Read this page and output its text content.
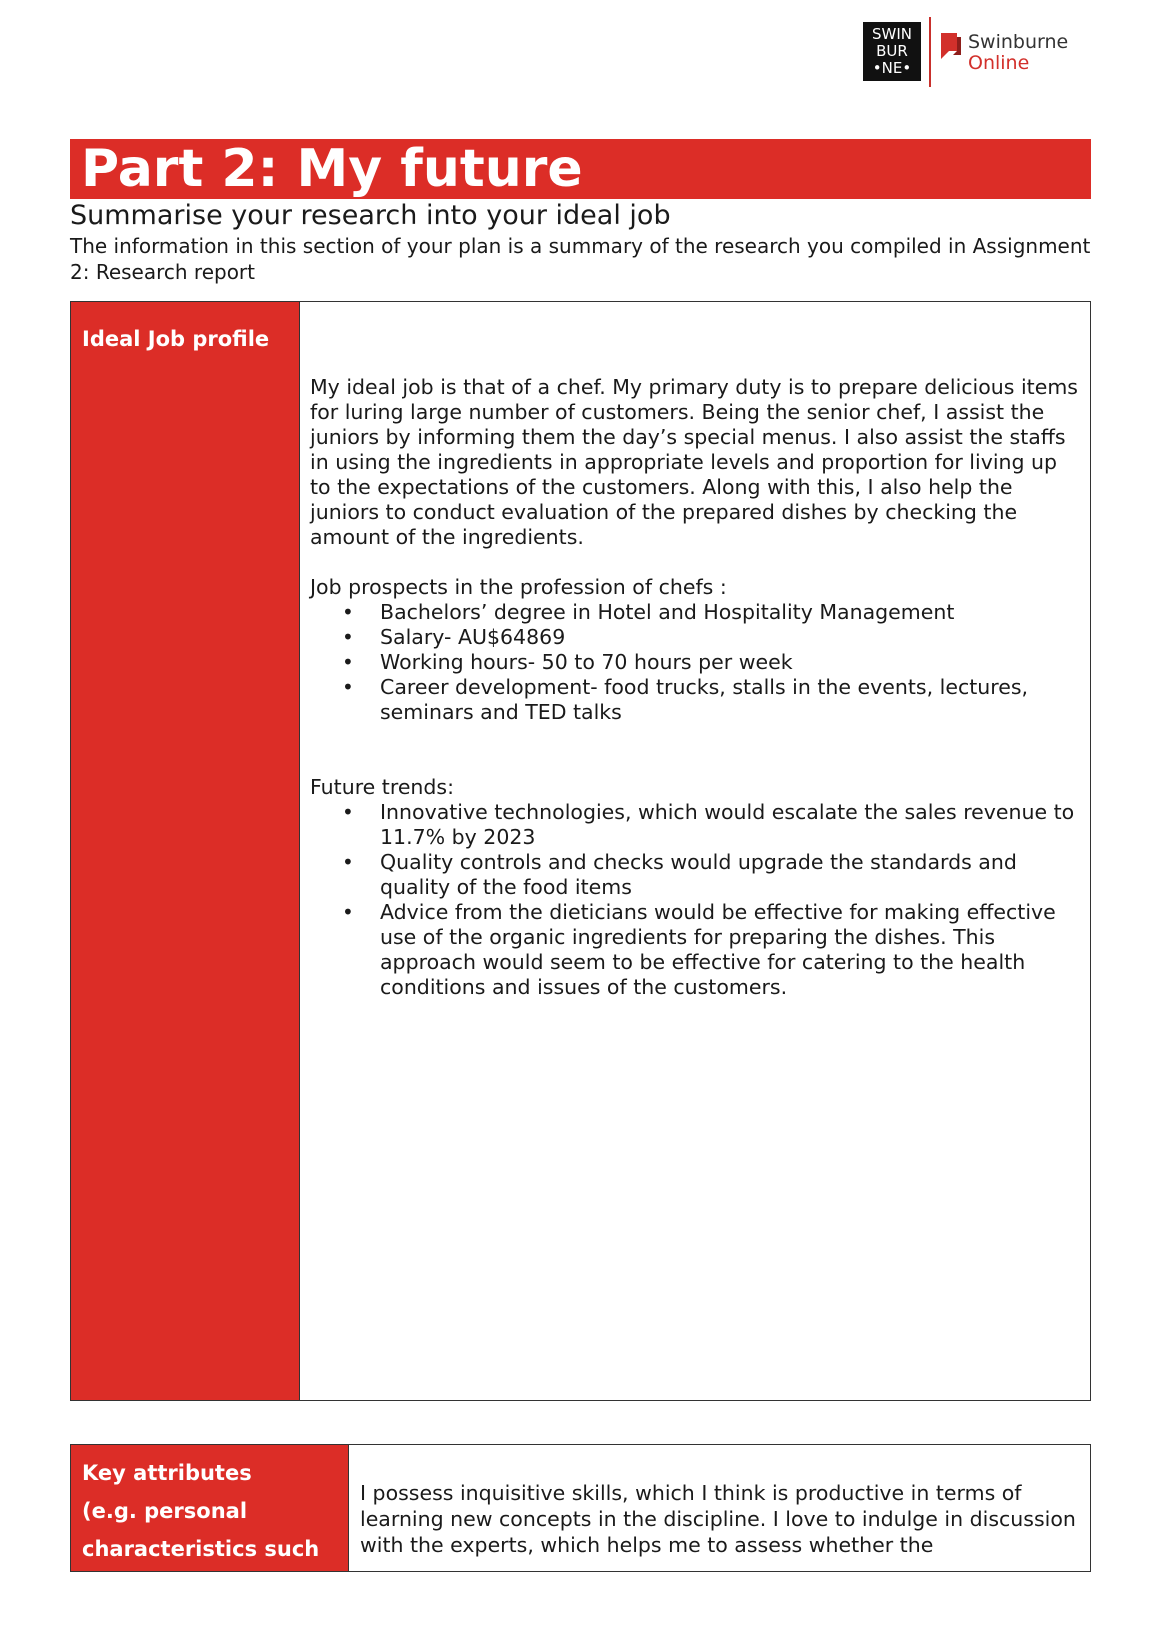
SWIN
BUR
•NE•
Swinburne
Online
Part 2: My future
Summarise your research into your ideal job
The information in this section of your plan is a summary of the research you compiled in Assignment 2: Research report
Ideal Job profile

My ideal job is that of a chef. My primary duty is to prepare delicious items for luring large number of customers. Being the senior chef, I assist the juniors by informing them the day’s special menus. I also assist the staffs in using the ingredients in appropriate levels and proportion for living up to the expectations of the customers. Along with this, I also help the juniors to conduct evaluation of the prepared dishes by checking the amount of the ingredients.

Job prospects in the profession of chefs :

• Bachelors’ degree in Hotel and Hospitality Management
• Salary- AU$64869
• Working hours- 50 to 70 hours per week
• Career development- food trucks, stalls in the events, lectures, seminars and TED talks

Future trends:

• Innovative technologies, which would escalate the sales revenue to 11.7% by 2023
• Quality controls and checks would upgrade the standards and quality of the food items
• Advice from the dieticians would be effective for making effective use of the organic ingredients for preparing the dishes. This approach would seem to be effective for catering to the health conditions and issues of the customers.
Key attributes
(e.g. personal
characteristics such
I possess inquisitive skills, which I think is productive in terms of learning new concepts in the discipline. I love to indulge in discussion with the experts, which helps me to assess whether the
